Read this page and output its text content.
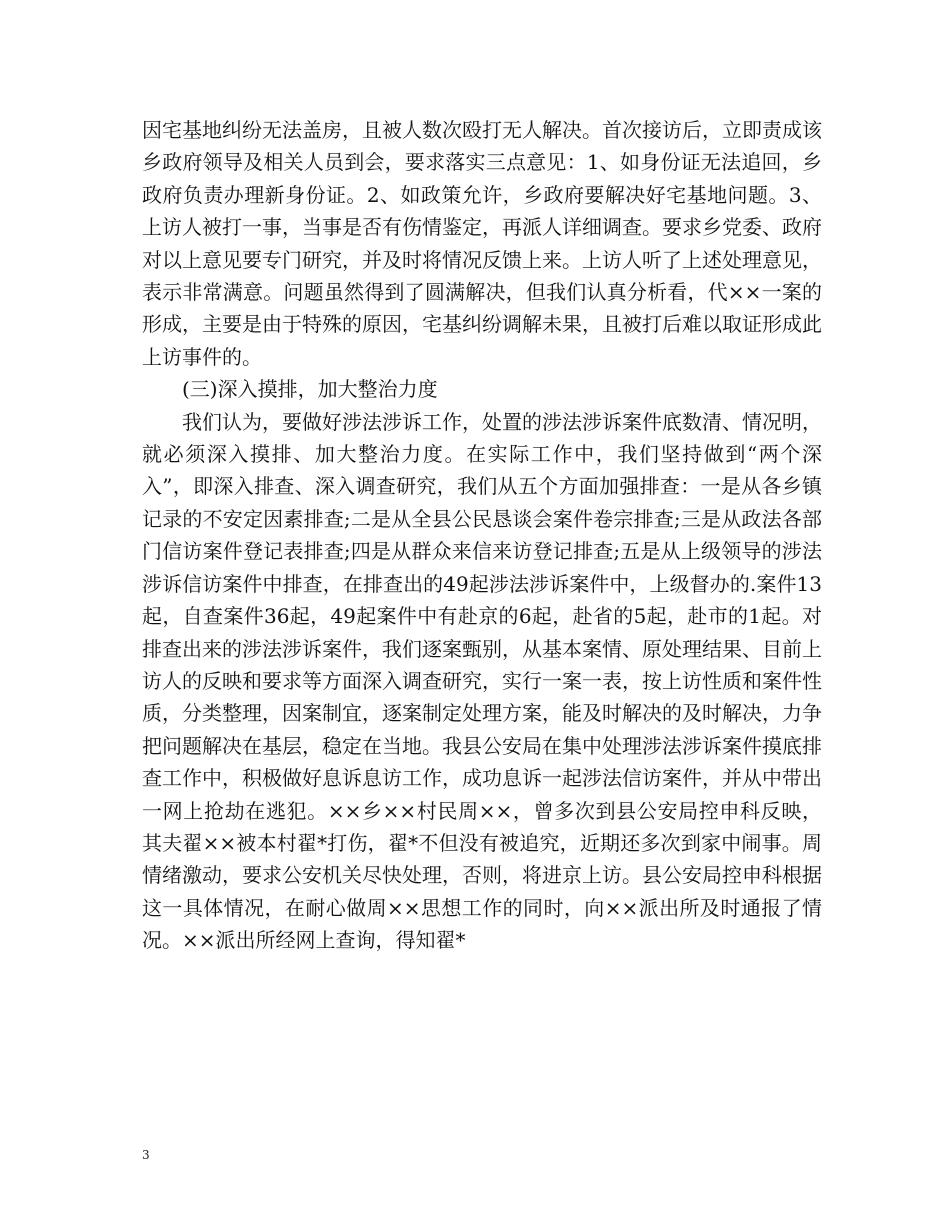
因宅基地纠纷无法盖房，且被人数次殴打无人解决。首次接访后，立即责成该乡政府领导及相关人员到会，要求落实三点意见：1、如身份证无法追回，乡政府负责办理新身份证。2、如政策允许，乡政府要解决好宅基地问题。3、上访人被打一事，当事是否有伤情鉴定，再派人详细调查。要求乡党委、政府对以上意见要专门研究，并及时将情况反馈上来。上访人听了上述处理意见，表示非常满意。问题虽然得到了圆满解决，但我们认真分析看，代××一案的形成，主要是由于特殊的原因，宅基纠纷调解未果，且被打后难以取证形成此上访事件的。

(三)深入摸排，加大整治力度

我们认为，要做好涉法涉诉工作，处置的涉法涉诉案件底数清、情况明，就必须深入摸排、加大整治力度。在实际工作中，我们坚持做到“两个深入”，即深入排查、深入调查研究，我们从五个方面加强排查：一是从各乡镇记录的不安定因素排查;二是从全县公民恳谈会案件卷宗排查;三是从政法各部门信访案件登记表排查;四是从群众来信来访登记排查;五是从上级领导的涉法涉诉信访案件中排查，在排查出的49起涉法涉诉案件中，上级督办的.案件13起，自查案件36起，49起案件中有赴京的6起，赴省的5起，赴市的1起。对排查出来的涉法涉诉案件，我们逐案甄别，从基本案情、原处理结果、目前上访人的反映和要求等方面深入调查研究，实行一案一表，按上访性质和案件性质，分类整理，因案制宜，逐案制定处理方案，能及时解决的及时解决，力争把问题解决在基层，稳定在当地。我县公安局在集中处理涉法涉诉案件摸底排查工作中，积极做好息诉息访工作，成功息诉一起涉法信访案件，并从中带出一网上抢劫在逃犯。××乡××村民周××，曾多次到县公安局控申科反映，其夫翟××被本村翟*打伤，翟*不但没有被追究，近期还多次到家中闹事。周情绪激动，要求公安机关尽快处理，否则，将进京上访。县公安局控申科根据这一具体情况，在耐心做周××思想工作的同时，向××派出所及时通报了情况。××派出所经网上查询，得知翟*

3
